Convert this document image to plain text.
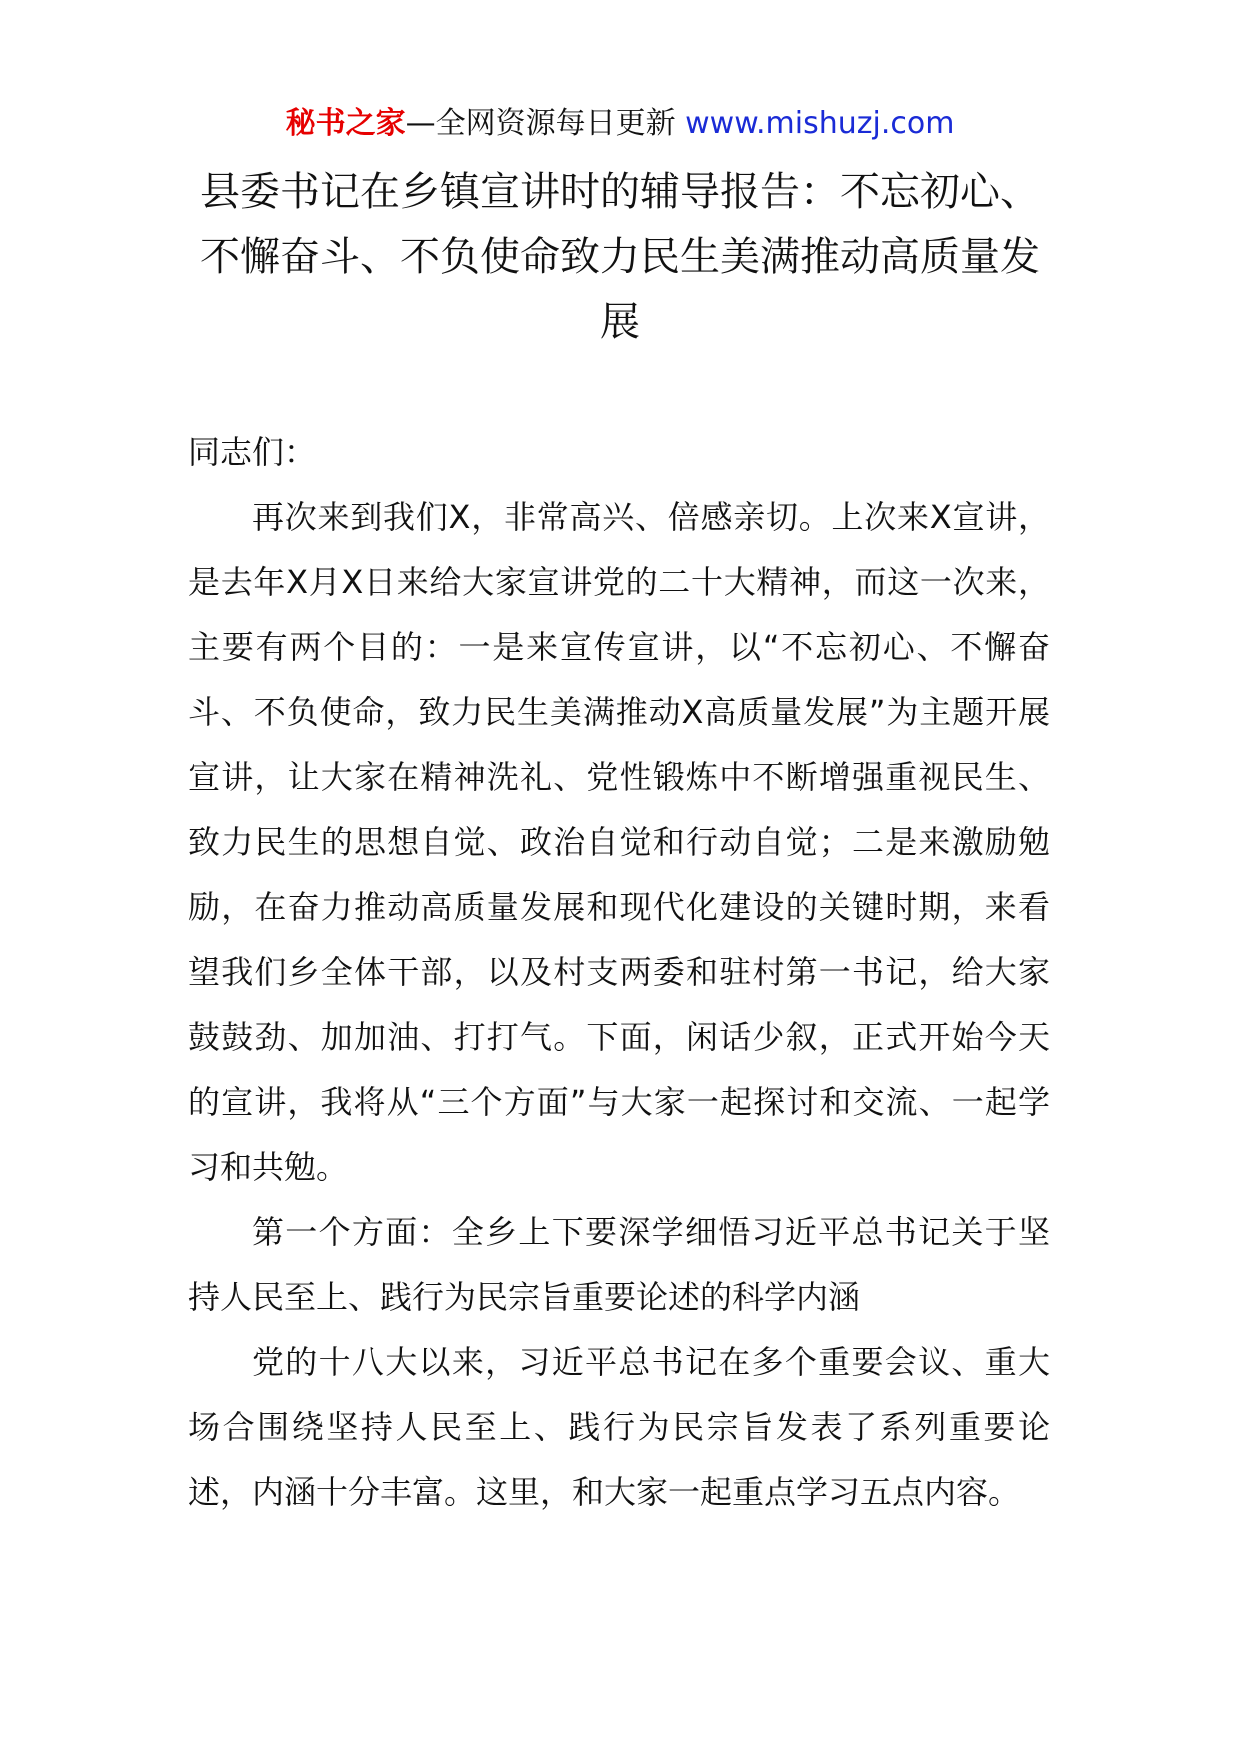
秘书之家—全网资源每日更新 www.mishuzj.com
县委书记在乡镇宣讲时的辅导报告：不忘初心、不懈奋斗、不负使命致力民生美满推动高质量发展

同志们：

再次来到我们X，非常高兴、倍感亲切。上次来X宣讲，是去年X月X日来给大家宣讲党的二十大精神，而这一次来，主要有两个目的：一是来宣传宣讲，以“不忘初心、不懈奋斗、不负使命，致力民生美满推动X高质量发展”为主题开展宣讲，让大家在精神洗礼、党性锻炼中不断增强重视民生、致力民生的思想自觉、政治自觉和行动自觉；二是来激励勉励，在奋力推动高质量发展和现代化建设的关键时期，来看望我们乡全体干部，以及村支两委和驻村第一书记，给大家鼓鼓劲、加加油、打打气。下面，闲话少叙，正式开始今天的宣讲，我将从“三个方面”与大家一起探讨和交流、一起学习和共勉。

第一个方面：全乡上下要深学细悟习近平总书记关于坚持人民至上、践行为民宗旨重要论述的科学内涵

党的十八大以来，习近平总书记在多个重要会议、重大场合围绕坚持人民至上、践行为民宗旨发表了系列重要论述，内涵十分丰富。这里，和大家一起重点学习五点内容。
